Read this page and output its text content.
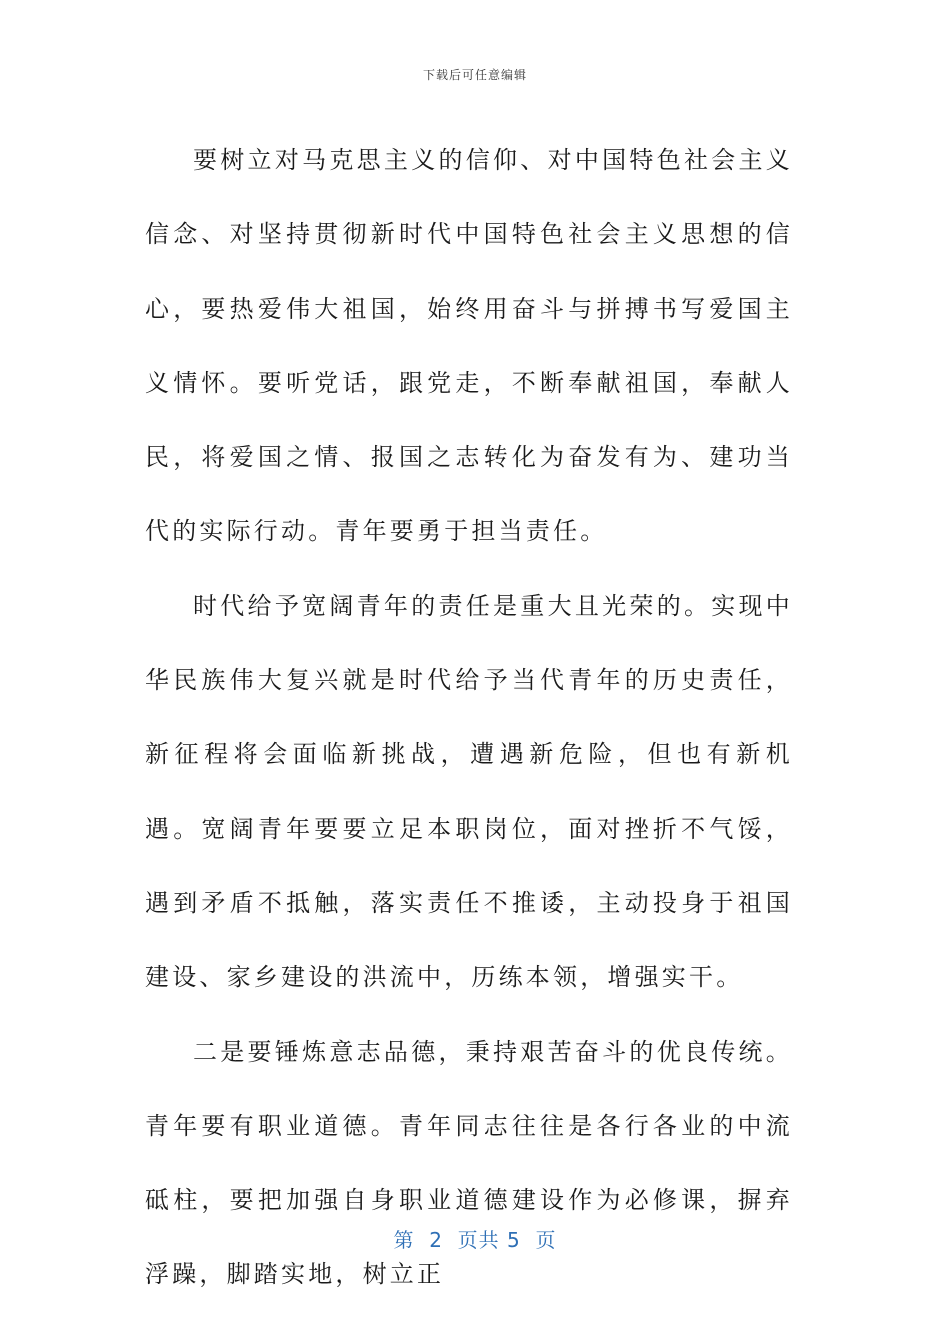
下载后可任意编辑

要树立对马克思主义的信仰、对中国特色社会主义信念、对坚持贯彻新时代中国特色社会主义思想的信心，要热爱伟大祖国，始终用奋斗与拼搏书写爱国主义情怀。要听党话，跟党走，不断奉献祖国，奉献人民，将爱国之情、报国之志转化为奋发有为、建功当代的实际行动。青年要勇于担当责任。

时代给予宽阔青年的责任是重大且光荣的。实现中华民族伟大复兴就是时代给予当代青年的历史责任，新征程将会面临新挑战，遭遇新危险，但也有新机遇。宽阔青年要要立足本职岗位，面对挫折不气馁，遇到矛盾不抵触，落实责任不推诿，主动投身于祖国建设、家乡建设的洪流中，历练本领，增强实干。

二是要锤炼意志品德，秉持艰苦奋斗的优良传统。青年要有职业道德。青年同志往往是各行各业的中流砥柱，要把加强自身职业道德建设作为必修课，摒弃浮躁，脚踏实地，树立正

第  2  页共 5  页
